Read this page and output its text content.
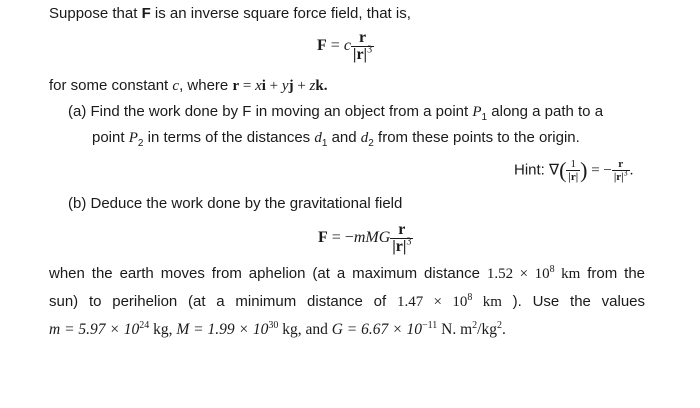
Suppose that F is an inverse square force field, that is,
F = c $\frac{r}{|r|^3}$
for some constant c, where r = xi + yj + zk.
(a) Find the work done by F in moving an object from a point $P_1$ along a path to a
point $P_2$ in terms of the distances $d_1$ and $d_2$ from these points to the origin.
Hint: ∇( $\frac{1}{|r|}$ ) = − $\frac{r}{|r|^3}$ .
(b) Deduce the work done by the gravitational field
$F = -mMG \frac{r}{|r|^3}$
when the earth moves from aphelion (at a maximum distance $1.52 \times 10^8$ km from the
sun) to perihelion (at a minimum distance of $1.47 \times 10^8$ km ). Use the values
$m = 5.97 \times 10^{24}$ kg, $M = 1.99 \times 10^{30}$ kg, and $G = 6.67 \times 10^{-11}$ N. $m^2/kg^2$.
